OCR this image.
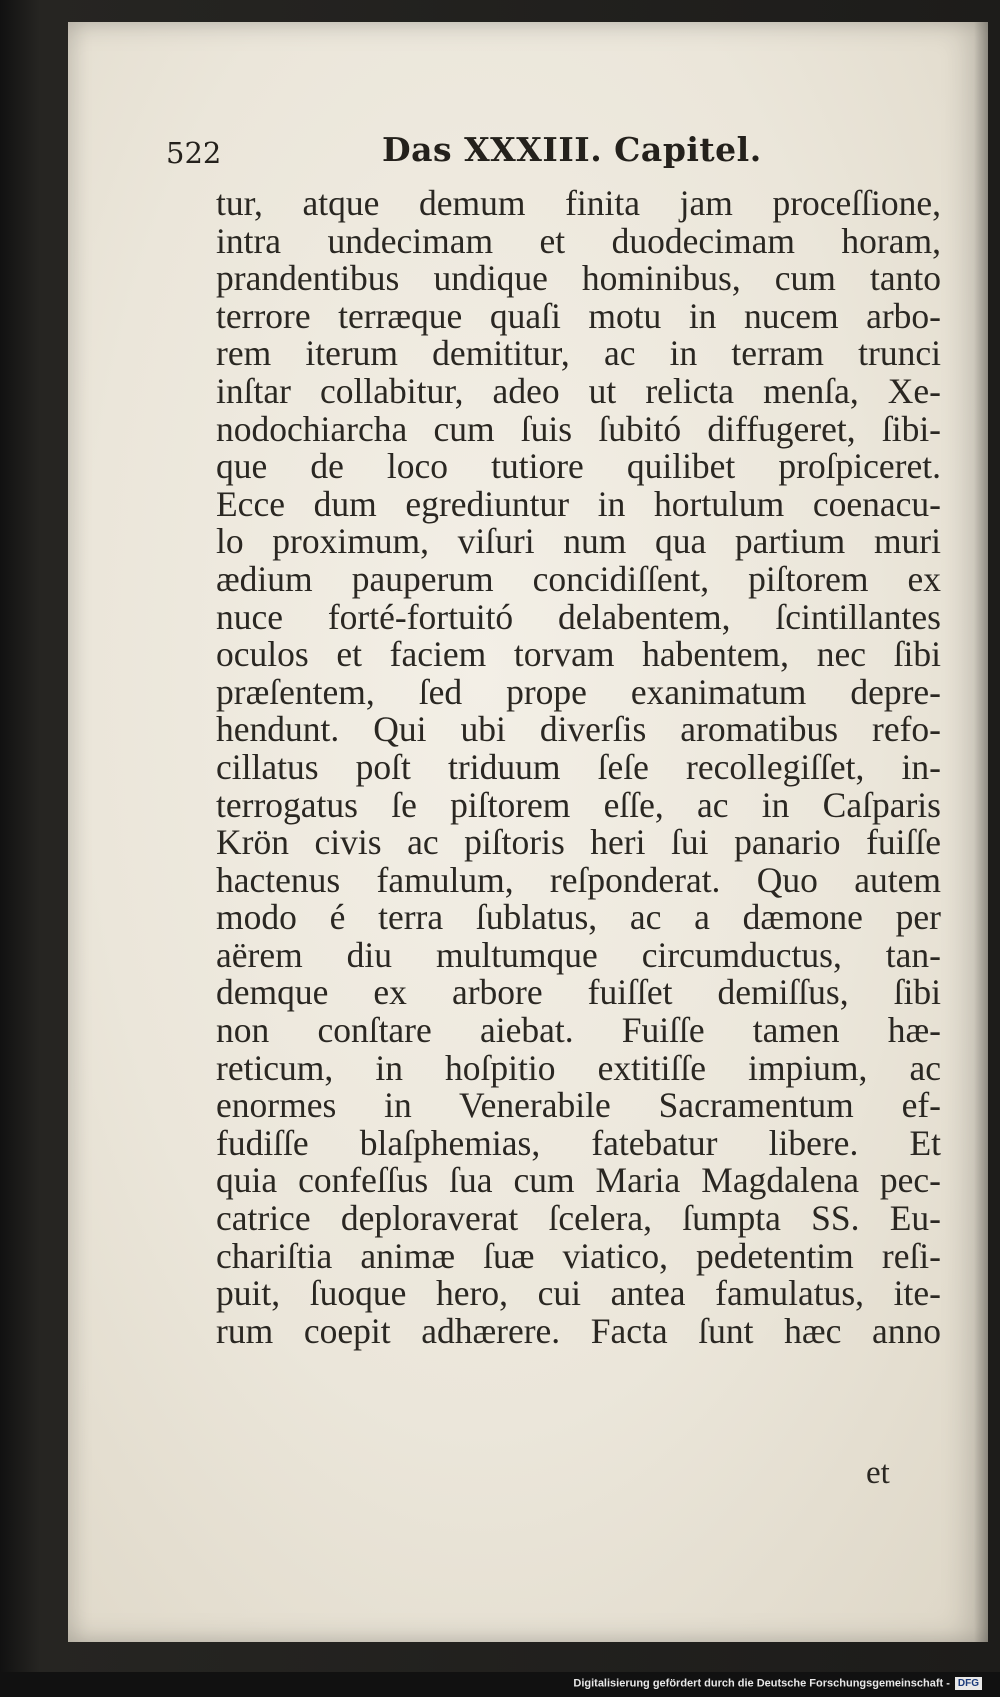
522	Das XXXIII. Capitel.
tur, atque demum finita jam proceſſione,
intra undecimam et duodecimam horam,
prandentibus undique hominibus, cum tanto
terrore terræque quaſi motu in nucem arbo-
rem iterum demititur, ac in terram trunci
inſtar collabitur, adeo ut relicta menſa, Xe-
nodochiarcha cum ſuis ſubitó diffugeret, ſibi-
que de loco tutiore quilibet proſpiceret.
Ecce dum egrediuntur in hortulum coenacu-
lo proximum, viſuri num qua partium muri
ædium pauperum concidiſſent, piſtorem ex
nuce forté-fortuitó delabentem, ſcintillantes
oculos et faciem torvam habentem, nec ſibi
præſentem, ſed prope exanimatum depre-
hendunt. Qui ubi diverſis aromatibus refo-
cillatus poſt triduum ſeſe recollegiſſet, in-
terrogatus ſe piſtorem eſſe, ac in Caſparis
Krön civis ac piſtoris heri ſui panario fuiſſe
hactenus famulum, reſponderat. Quo autem
modo é terra ſublatus, ac a dæmone per
aërem diu multumque circumductus, tan-
demque ex arbore fuiſſet demiſſus, ſibi
non conſtare aiebat. Fuiſſe tamen hæ-
reticum, in hoſpitio extitiſſe impium, ac
enormes in Venerabile Sacramentum ef-
fudiſſe blaſphemias, fatebatur libere. Et
quia confeſſus ſua cum Maria Magdalena pec-
catrice deploraverat ſcelera, ſumpta SS. Eu-
chariſtia animæ ſuæ viatico, pedetentim reſi-
puit, ſuoque hero, cui antea famulatus, ite-
rum coepit adhærere. Facta ſunt hæc anno
et
Digitalisierung gefördert durch die Deutsche Forschungsgemeinschaft - DFG
